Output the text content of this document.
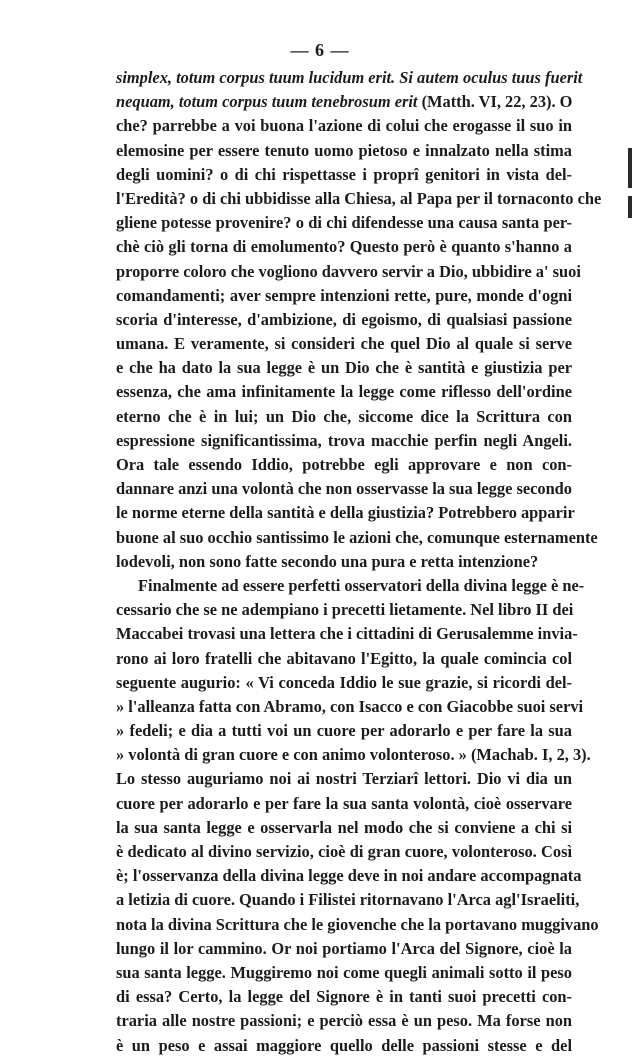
— 6 —
simplex, totum corpus tuum lucidum erit. Si autem oculus tuus fuerit
nequam, totum corpus tuum tenebrosum erit (Matth. VI, 22, 23). O
che? parrebbe a voi buona l'azione di colui che erogasse il suo in
elemosine per essere tenuto uomo pietoso e innalzato nella stima
degli uomini? o di chi rispettasse i proprî genitori in vista del-
l'Eredità? o di chi ubbidisse alla Chiesa, al Papa per il tornaconto che
gliene potesse provenire? o di chi difendesse una causa santa per-
chè ciò gli torna di emolumento? Questo però è quanto s'hanno a
proporre coloro che vogliono davvero servir a Dio, ubbidire a' suoi
comandamenti; aver sempre intenzioni rette, pure, monde d'ogni
scoria d'interesse, d'ambizione, di egoismo, di qualsiasi passione
umana. E veramente, si consideri che quel Dio al quale si serve
e che ha dato la sua legge è un Dio che è santità e giustizia per
essenza, che ama infinitamente la legge come riflesso dell'ordine
eterno che è in lui; un Dio che, siccome dice la Scrittura con
espressione significantissima, trova macchie perfin negli Angeli.
Ora tale essendo Iddio, potrebbe egli approvare e non con-
dannare anzi una volontà che non osservasse la sua legge secondo
le norme eterne della santità e della giustizia? Potrebbero apparir
buone al suo occhio santissimo le azioni che, comunque esternamente
lodevoli, non sono fatte secondo una pura e retta intenzione?
Finalmente ad essere perfetti osservatori della divina legge è ne-
cessario che se ne adempiano i precetti lietamente. Nel libro II dei
Maccabei trovasi una lettera che i cittadini di Gerusalemme invia-
rono ai loro fratelli che abitavano l'Egitto, la quale comincia col
seguente augurio: « Vi conceda Iddio le sue grazie, si ricordi del-
» l'alleanza fatta con Abramo, con Isacco e con Giacobbe suoi servi
» fedeli; e dia a tutti voi un cuore per adorarlo e per fare la sua
» volontà di gran cuore e con animo volonteroso. » (Machab. I, 2, 3).
Lo stesso auguriamo noi ai nostri Terziarî lettori. Dio vi dia un
cuore per adorarlo e per fare la sua santa volontà, cioè osservare
la sua santa legge e osservarla nel modo che si conviene a chi si
è dedicato al divino servizio, cioè di gran cuore, volonteroso. Così
è; l'osservanza della divina legge deve in noi andare accompagnata
a letizia di cuore. Quando i Filistei ritornavano l'Arca agl'Israeliti,
nota la divina Scrittura che le giovenche che la portavano muggivano
lungo il lor cammino. Or noi portiamo l'Arca del Signore, cioè la
sua santa legge. Muggiremo noi come quegli animali sotto il peso
di essa? Certo, la legge del Signore è in tanti suoi precetti con-
traria alle nostre passioni; e perciò essa è un peso. Ma forse non
è un peso e assai maggiore quello delle passioni stesse e del
